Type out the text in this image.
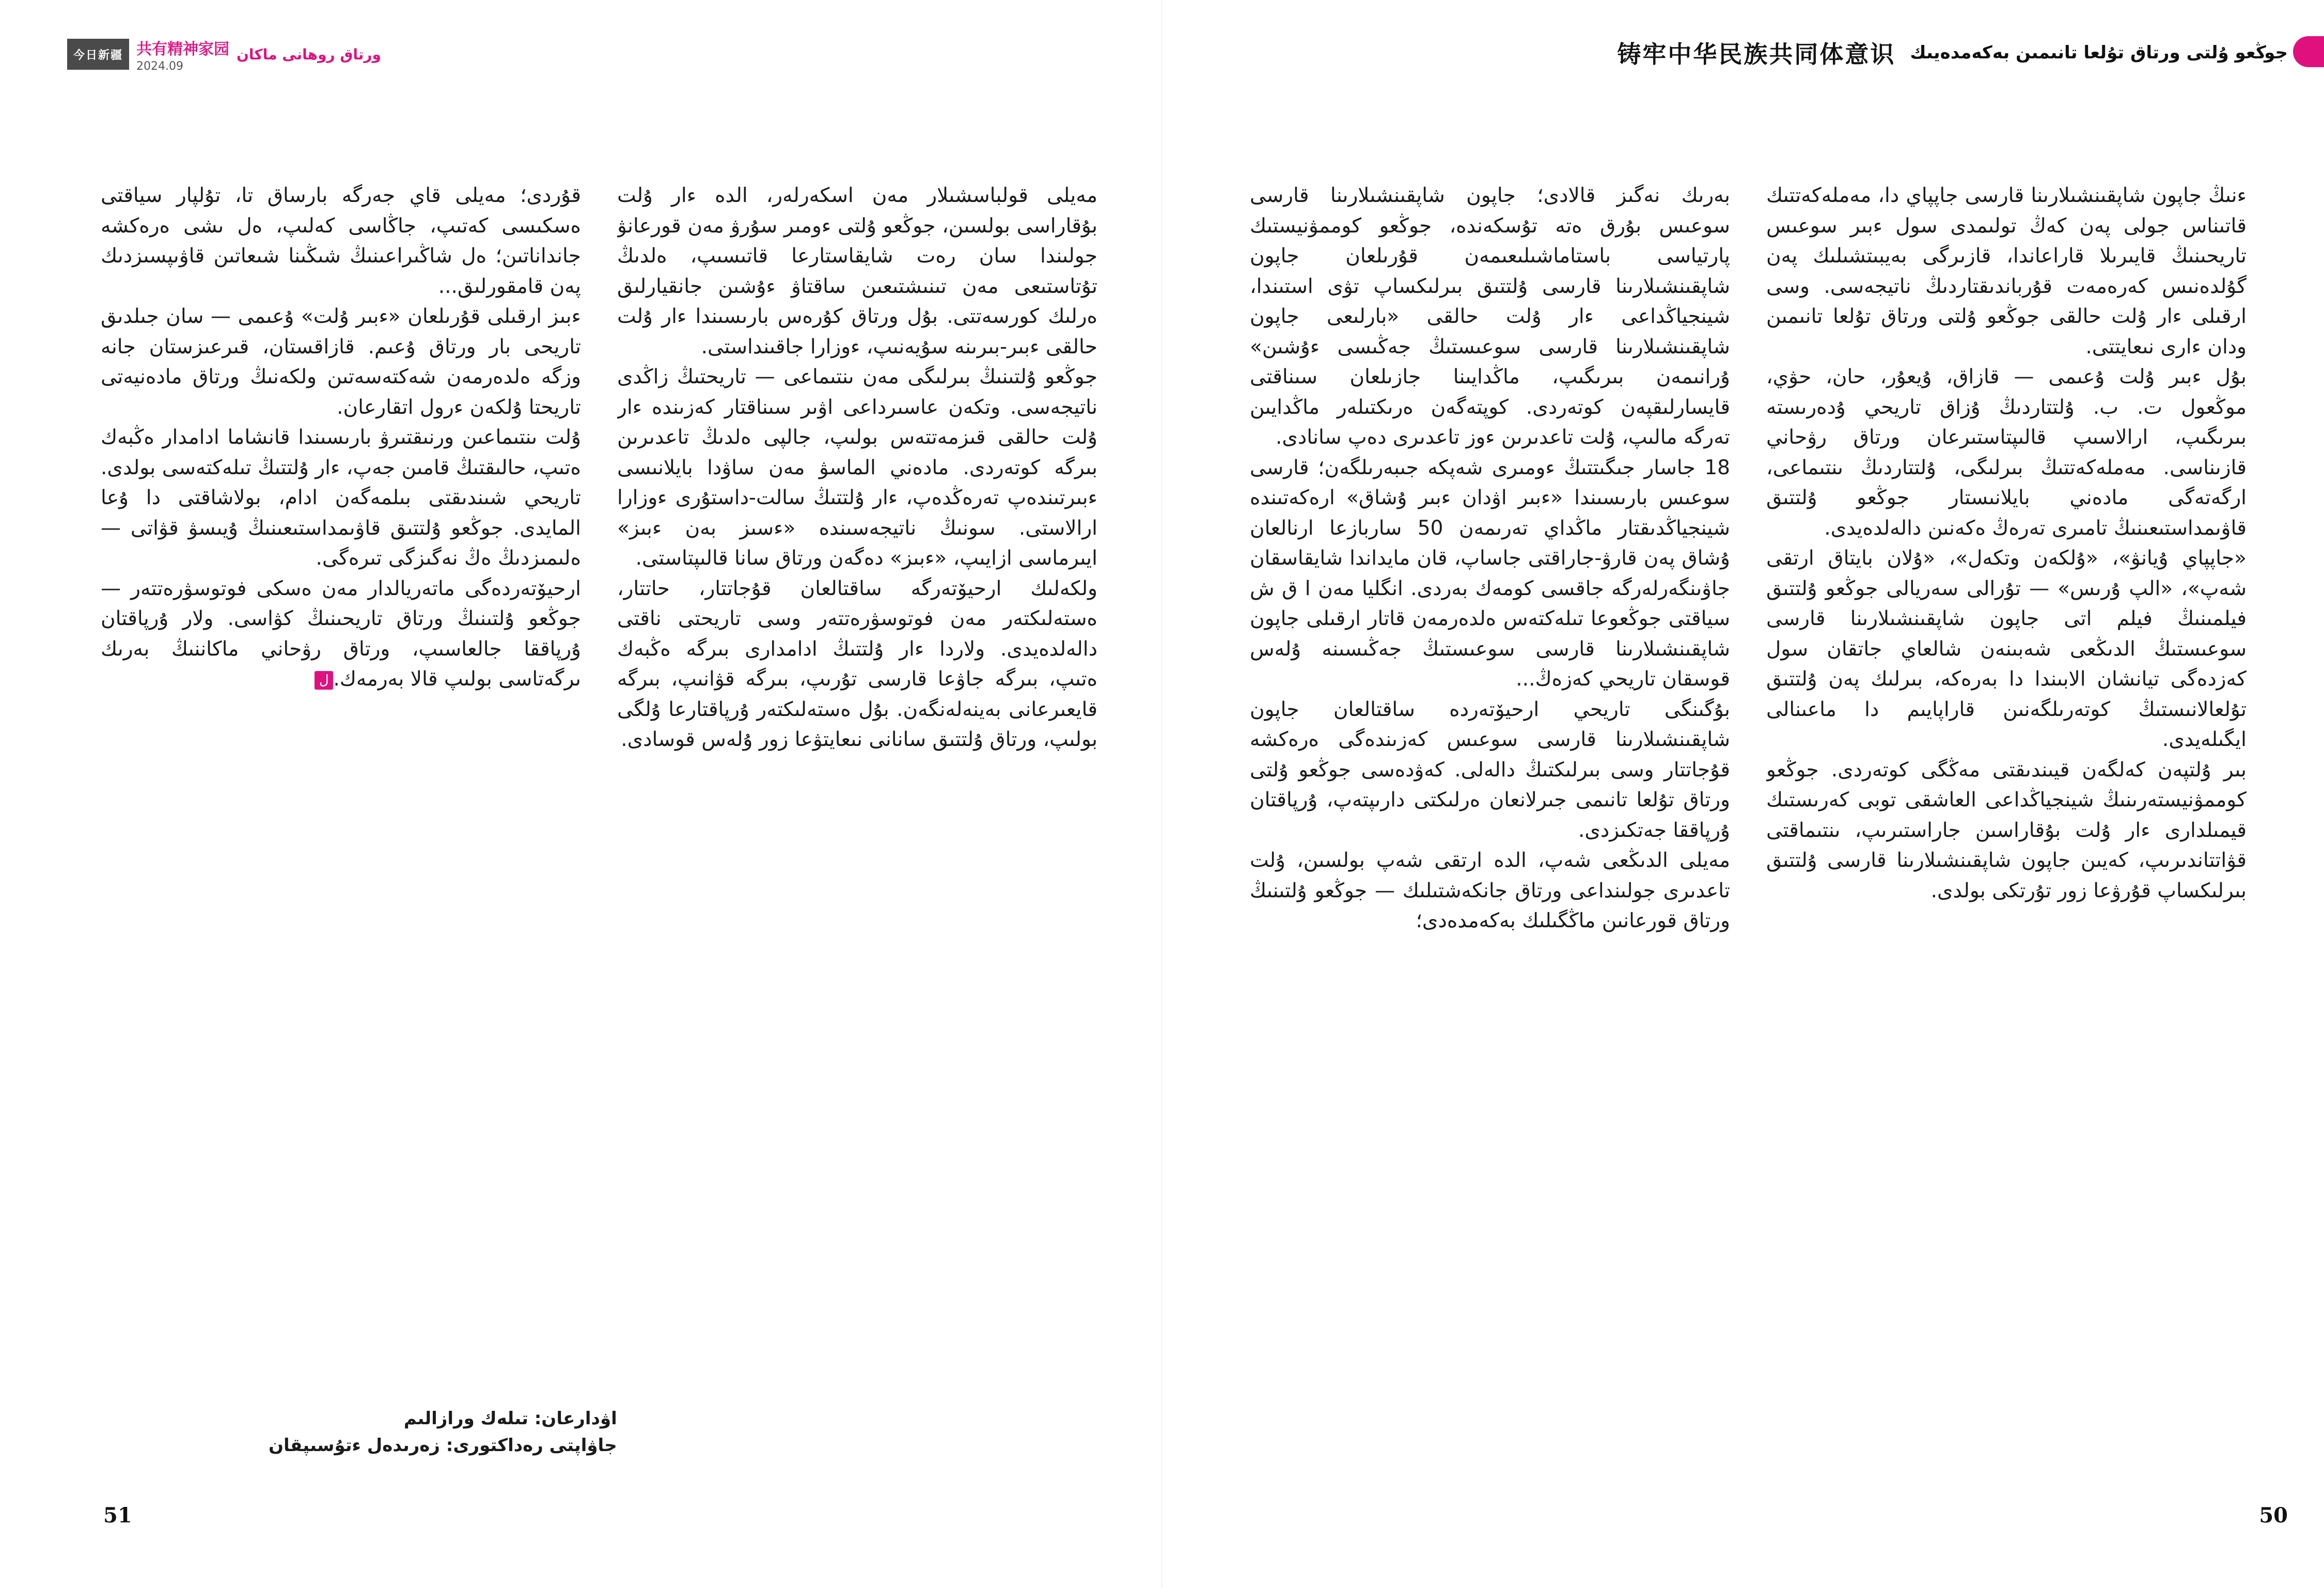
今日新疆 共有精神家园
2024.09
ورتاق روھانى ماكان

قۇردى؛ مەيلى قاي جەرگە بارساق تا، تۇلپار سياقتى ەسكىسى كەتىپ، جاڭاسى كەلىپ، ەل ىشى ەرەكشە جانداناتىن؛ ەل شاڭىراعىنىڭ شىڭىنا شىعاتىن قاۋىپسىزدىك پەن قامقورلىق...

ءبىز ارقىلى قۇرىلعان «ءبىر ۇلت» ۇعىمى — سان جىلدىق تاريحى بار ورتاق ۇعىم. قازاقستان، قىرعىزستان جانە وزگە ەلدەرمەن شەكتەسەتىن ولكەنىڭ ورتاق مادەنيەتى تاريحتا ۇلكەن ءرول اتقارعان.

ۇلت ىنتىماعىن ورنىقتىرۋ بارىسىندا قانشاما ادامدار ەڭبەك ەتىپ، حالىقتىڭ قامىن جەپ، ءار ۇلتتىڭ تىلەكتەسى بولدى. تاريحي شىندىقتى بىلمەگەن ادام، بولاشاقتى دا ۇعا المايدى. جوڭعو ۇلتتىق قاۋىمداستىعىنىڭ ۇيىسۋ قۋاتى — ەلىمىزدىڭ ەڭ نەگىزگى تىرەگى.

ارحيۆتەردەگى ماتەريالدار مەن ەسكى فوتوسۋرەتتەر — جوڭعو ۇلتىنىڭ ورتاق تاريحىنىڭ كۋاسى. ولار ۇرپاقتان ۇرپاققا جالعاسىپ، ورتاق رۋحاني ماكاننىڭ بەرىك ىرگەتاسى بولىپ قالا بەرمەك.ل

اۋدارعان: تىلەك ورازالىم
جاۋاپتى رەداكتورى: زەرىدەل ءتۇسىپقان

مەيلى قولباسشىلار مەن اسكەرلەر، الدە ءار ۇلت بۇقاراسى بولسىن، جوڭعو ۇلتى ءومىر سۇرۋ مەن قورعانۋ جولىندا سان رەت شايقاستارعا قاتىسىپ، ەلدىڭ تۇتاستىعى مەن تىنىشتىعىن ساقتاۋ ءۇشىن جانقيارلىق ەرلىك كورسەتتى. بۇل ورتاق كۇرەس بارىسىندا ءار ۇلت حالقى ءبىر-بىرىنە سۇيەنىپ، ءوزارا جاقىنداستى.

جوڭعو ۇلتىنىڭ بىرلىگى مەن ىنتىماعى — تاريحتىڭ زاڭدى ناتيجەسى. وتكەن عاسىرداعى اۋىر سىناقتار كەزىندە ءار ۇلت حالقى قىزمەتتەس بولىپ، جالپى ەلدىڭ تاعدىرىن بىرگە كوتەردى. مادەني الماسۋ مەن ساۋدا بايلانىسى ءبىرتىندەپ تەرەڭدەپ، ءار ۇلتتىڭ سالت-داستۇرى ءوزارا ارالاستى. سونىڭ ناتيجەسىندە «ءسىز بەن ءبىز» ايىرماسى ازايىپ، «ءبىز» دەگەن ورتاق سانا قالىپتاستى.

ولكەلىك ارحيۆتەرگە ساقتالعان قۇجاتتار، حاتتار، ەستەلىكتەر مەن فوتوسۋرەتتەر وسى تاريحتى ناقتى دالەلدەيدى. ولاردا ءار ۇلتتىڭ ادامدارى بىرگە ەڭبەك ەتىپ، بىرگە جاۋعا قارسى تۇرىپ، بىرگە قۋانىپ، بىرگە قايعىرعانى بەينەلەنگەن. بۇل ەستەلىكتەر ۇرپاقتارعا ۇلگى بولىپ، ورتاق ۇلتتىق سانانى نىعايتۋعا زور ۇلەس قوسادى.

51
铸牢中华民族共同体意识 جوڭعو ۇلتى ورتاق تۇلعا تانىمىن بەكەمدەيىك

بەرىك نەگىز قالادى؛ جاپون شاپقىنشىلارىنا قارسى سوعىس بۇرق ەتە تۇسكەندە، جوڭعو كوممۋنيستىك پارتياسى باستاماشىلىعىمەن قۇرىلعان جاپون شاپقىنشىلارىنا قارسى ۇلتتىق بىرلىكساپ تۋى استىندا، شينجياڭداعى ءار ۇلت حالقى «بارلىعى جاپون شاپقىنشىلارىنا قارسى سوعىستىڭ جەڭىسى ءۇشىن» ۇرانىمەن بىرىگىپ، ماڭدايىنا جازىلعان سىناقتى قايسارلىقپەن كوتەردى. كوپتەگەن ەرىكتىلەر ماڭدايىن تەرگە مالىپ، ۇلت تاعدىرىن ءوز تاعدىرى دەپ سانادى.

18 جاسار جىگىتتىڭ ءومىرى شەپكە جىبەرىلگەن؛ قارسى سوعىس بارىسىندا «ءبىر اۋدان ءبىر ۇشاق» ارەكەتىندە شينجياڭدىقتار ماڭداي تەرىمەن 50 ساربازعا ارنالعان ۇشاق پەن قارۋ-جاراقتى جاساپ، قان مايداندا شايقاسقان جاۋىنگەرلەرگە جاقسى كومەك بەردى. انگليا مەن ا ق ش سياقتى جوڭعوعا تىلەكتەس ەلدەرمەن قاتار ارقىلى جاپون شاپقىنشىلارىنا قارسى سوعىستىڭ جەڭىسىنە ۇلەس قوسقان تاريحي كەزەڭ...

بۇگىنگى تاريحي ارحيۆتەردە ساقتالعان جاپون شاپقىنشىلارىنا قارسى سوعىس كەزىندەگى ەرەكشە قۇجاتتار وسى بىرلىكتىڭ دالەلى. كەۋدەسى جوڭعو ۇلتى ورتاق تۇلعا تانىمى جىرلانعان ەرلىكتى دارىپتەپ، ۇرپاقتان ۇرپاققا جەتكىزدى.

مەيلى الدىڭعى شەپ، الدە ارتقى شەپ بولسىن، ۇلت تاعدىرى جولىنداعى ورتاق جانكەشتىلىك — جوڭعو ۇلتىنىڭ ورتاق قورعانىن ماڭگىلىك بەكەمدەدى؛

ءنىڭ جاپون شاپقىنشىلارىنا قارسى جاپپاي دا، مەملەكەتتىك قاتىناس جولى پەن كەڭ تولىمدى سول ءبىر سوعىس تاريحىنىڭ قايىرىلا قاراعاندا، قازىرگى بەيبىتشىلىك پەن گۇلدەنىس كەرەمەت قۇرباندىقتاردىڭ ناتيجەسى. وسى ارقىلى ءار ۇلت حالقى جوڭعو ۇلتى ورتاق تۇلعا تانىمىن ودان ءارى نىعايتتى.

بۇل ءبىر ۇلت ۇعىمى — قازاق، ۇيعۇر، حان، حۋي، موڭعول ت. ب. ۇلتتاردىڭ ۇزاق تاريحي ۇدەرىستە بىرىگىپ، ارالاسىپ قالىپتاستىرعان ورتاق رۋحاني قازىناسى. مەملەكەتتىڭ بىرلىگى، ۇلتتاردىڭ ىنتىماعى، ارگەتەگى مادەني بايلانىستار جوڭعو ۇلتتىق قاۋىمداستىعىنىڭ تامىرى تەرەڭ ەكەنىن دالەلدەيدى.

«جاپپاي ۇيانۋ»، «ۇلكەن وتكەل»، «ۇلان بايتاق ارتقى شەپ»، «الپ ۇرىس» — تۇرالى سەريالى جوڭعو ۇلتتىق فيلمىنىڭ فيلم اتى جاپون شاپقىنشىلارىنا قارسى سوعىستىڭ الدىڭعى شەبىنەن شالعاي جاتقان سول كەزدەگى تيانشان الابىندا دا بەرەكە، بىرلىك پەن ۇلتتىق تۇلعالانىستىڭ كوتەرىلگەنىن قاراپايىم دا ماعىنالى ايگىلەيدى.

بىر ۇلتپەن كەلگەن قيىندىقتى مەڭگى كوتەردى. جوڭعو كوممۋنيستەرىنىڭ شينجياڭداعى العاشقى توبى كەرىستىك قيمىلدارى ءار ۇلت بۇقاراسىن جاراستىرىپ، ىنتىماقتى قۋاتتاندىرىپ، كەيىن جاپون شاپقىنشىلارىنا قارسى ۇلتتىق بىرلىكساپ قۇرۋعا زور تۇرتكى بولدى.

50
